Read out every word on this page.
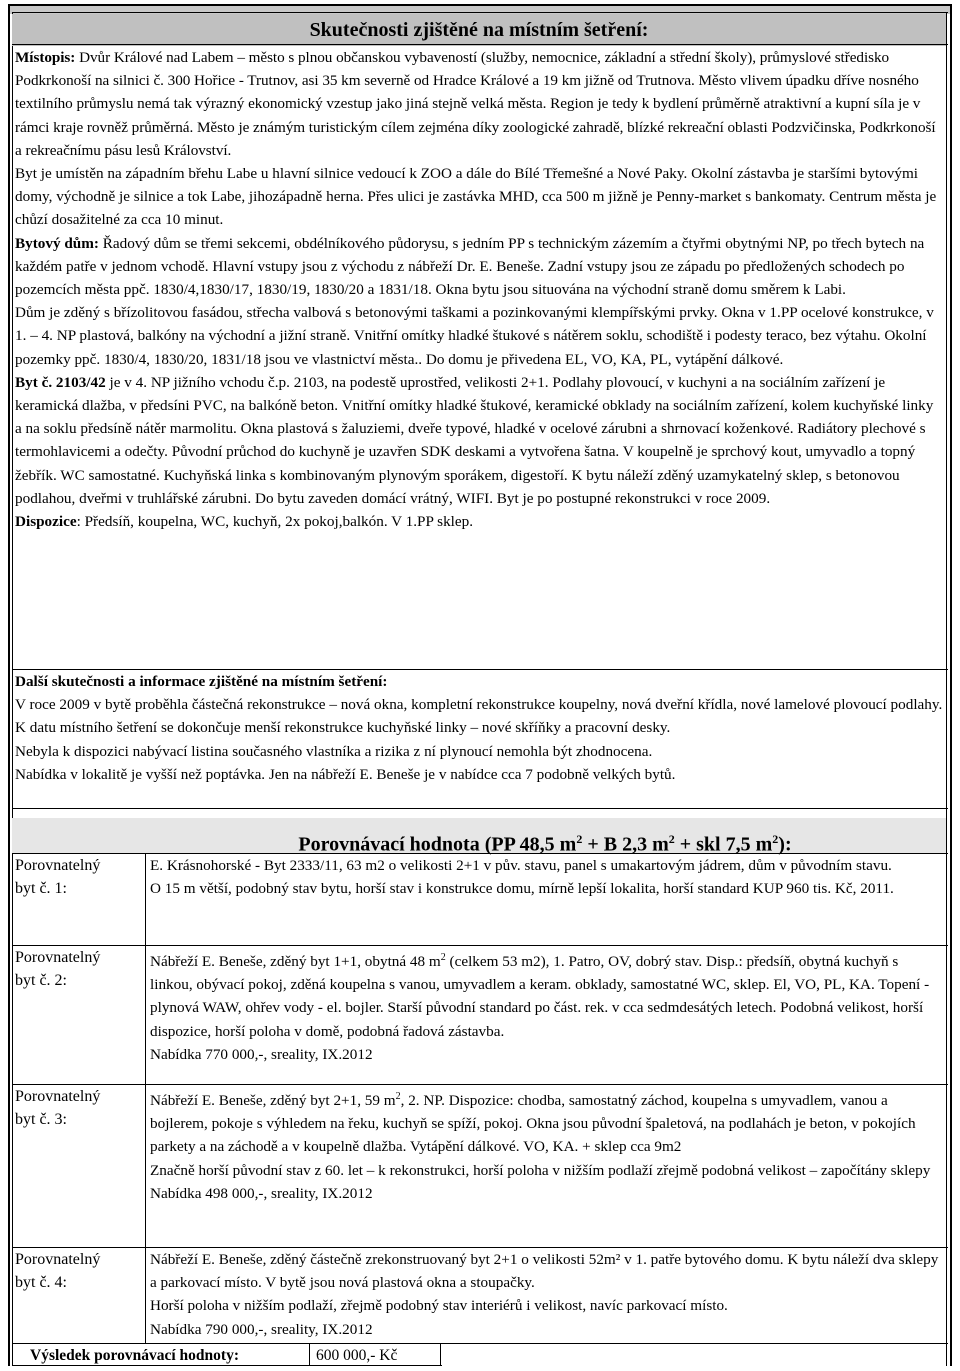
Skutečnosti zjištěné na místním šetření:

Místopis: Dvůr Králové nad Labem – město s plnou občanskou vybaveností (služby, nemocnice, základní a střední školy), průmyslové středisko Podkrkonoší na silnici č. 300 Hořice - Trutnov, asi 35 km severně od Hradce Králové a 19 km jižně od Trutnova. Město vlivem úpadku dříve nosného textilního průmyslu nemá tak výrazný ekonomický vzestup jako jiná stejně velká města. Region je tedy k bydlení průměrně atraktivní a kupní síla je v rámci kraje rovněž průměrná. Město je známým turistickým cílem zejména díky zoologické zahradě, blízké rekreační oblasti Podzvičinska, Podkrkonoší a rekreačnímu pásu lesů Království.

Byt je umístěn na západním břehu Labe u hlavní silnice vedoucí k ZOO a dále do Bílé Třemešné a Nové Paky. Okolní zástavba je staršími bytovými domy, východně je silnice a tok Labe, jihozápadně herna. Přes ulici je zastávka MHD, cca 500 m jižně je Penny-market s bankomaty. Centrum města je chůzí dosažitelné za cca 10 minut.

Bytový dům: Řadový dům se třemi sekcemi, obdélníkového půdorysu, s jedním PP s technickým zázemím a čtyřmi obytnými NP, po třech bytech na každém patře v jednom vchodě. Hlavní vstupy jsou z východu z nábřeží Dr. E. Beneše. Zadní vstupy jsou ze západu po předložených schodech po pozemcích města ppč. 1830/4,1830/17, 1830/19, 1830/20 a 1831/18. Okna bytu jsou situována na východní straně domu směrem k Labi.

Dům je zděný s břízolitovou fasádou, střecha valbová s betonovými taškami a pozinkovanými klempířskými prvky. Okna v 1.PP ocelové konstrukce, v 1. – 4. NP plastová, balkóny na východní a jižní straně. Vnitřní omítky hladké štukové s nátěrem soklu, schodiště i podesty teraco, bez výtahu. Okolní pozemky ppč. 1830/4, 1830/20, 1831/18 jsou ve vlastnictví města.. Do domu je přivedena EL, VO, KA, PL, vytápění dálkové.

Byt č. 2103/42 je v 4. NP jižního vchodu č.p. 2103, na podestě uprostřed, velikosti 2+1. Podlahy plovoucí, v kuchyni a na sociálním zařízení je keramická dlažba, v předsíni PVC, na balkóně beton. Vnitřní omítky hladké štukové, keramické obklady na sociálním zařízení, kolem kuchyňské linky a na soklu předsíně nátěr marmolitu. Okna plastová s žaluziemi, dveře typové, hladké v ocelové zárubni a shrnovací koženkové. Radiátory plechové s termohlavicemi a odečty. Původní průchod do kuchyně je uzavřen SDK deskami a vytvořena šatna. V koupelně je sprchový kout, umyvadlo a topný žebřík. WC samostatné. Kuchyňská linka s kombinovaným plynovým sporákem, digestoří. K bytu náleží zděný uzamykatelný sklep, s betonovou podlahou, dveřmi v truhlářské zárubni. Do bytu zaveden domácí vrátný, WIFI. Byt je po postupné rekonstrukci v roce 2009.

Dispozice: Předsíň, koupelna, WC, kuchyň, 2x pokoj,balkón. V 1.PP sklep.

Další skutečnosti a informace zjištěné na místním šetření:

V roce 2009 v bytě proběhla částečná rekonstrukce – nová okna, kompletní rekonstrukce koupelny, nová dveřní křídla, nové lamelové plovoucí podlahy.

K datu místního šetření se dokončuje menší rekonstrukce kuchyňské linky – nové skříňky a pracovní desky.

Nebyla k dispozici nabývací listina současného vlastníka a rizika z ní plynoucí nemohla být zhodnocena.

Nabídka v lokalitě je vyšší než poptávka. Jen na nábřeží E. Beneše je v nabídce cca 7 podobně velkých bytů.

Porovnávací hodnota (PP 48,5 $m^2 + B$ 2,3 $m^2$ + skl 7,5 $m^2$):
Porovnatelný
byt č. 1:

E. Krásnohorské - Byt 2333/11, 63 m2 o velikosti 2+1 v pův. stavu, panel s umakartovým jádrem, dům v původním stavu.

O 15 m větší, podobný stav bytu, horší stav i konstrukce domu, mírně lepší lokalita, horší standard KUP 960 tis. Kč, 2011.

Porovnatelný
byt č. 2:

Nábřeží E. Beneše, zděný byt 1+1, obytná 48 $m^2$ (celkem 53 m2), 1. Patro, OV, dobrý stav. Disp.: předsíň, obytná kuchyň s linkou, obývací pokoj, zděná koupelna s vanou, umyvadlem a keram. obklady, samostatné WC, sklep. El, VO, PL, KA. Topení - plynová WAW, ohřev vody - el. bojler. Starší původní standard po část. rek. v cca sedmdesátých letech. Podobná velikost, horší dispozice, horší poloha v domě, podobná řadová zástavba.

Nabídka 770 000,-, sreality, IX.2012

Porovnatelný
byt č. 3:

Nábřeží E. Beneše, zděný byt 2+1, 59 $m^2$, 2. NP. Dispozice: chodba, samostatný záchod, koupelna s umyvadlem, vanou a bojlerem, pokoje s výhledem na řeku, kuchyň se spíží, pokoj. Okna jsou původní špaletová, na podlahách je beton, v pokojích parkety a na záchodě a v koupelně dlažba. Vytápění dálkové. VO, KA. + sklep cca 9m2

Značně horší původní stav z 60. let – k rekonstrukci, horší poloha v nižším podlaží zřejmě podobná velikost – započítány sklepy

Nabídka 498 000,-, sreality, IX.2012

Porovnatelný
byt č. 4:

Nábřeží E. Beneše, zděný částečně zrekonstruovaný byt 2+1 o velikosti 52m² v 1. patře bytového domu. K bytu náleží dva sklepy a parkovací místo. V bytě jsou nová plastová okna a stoupačky.

Horší poloha v nižším podlaží, zřejmě podobný stav interiérů i velikost, navíc parkovací místo.

Nabídka 790 000,-, sreality, IX.2012

Výsledek porovnávací hodnoty:	600 000,- Kč
